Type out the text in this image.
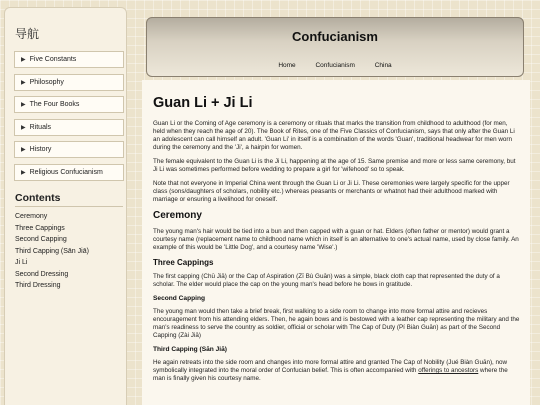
导航
▶ Five Constants
▶ Philosophy
▶ The Four Books
▶ Rituals
▶ History
▶ Religious Confucianism
Contents
Ceremony
Three Cappings
Second Capping
Third Capping (Sān Jiā)
Ji Li
Second Dressing
Third Dressing
Confucianism
Home	Confucianism	China
Guan Li + Ji Li

Guan Li or the Coming of Age ceremony is a ceremony or rituals that marks the transition from childhood to adulthood (for men, held when they reach the age of 20). The Book of Rites, one of the Five Classics of Confucianism, says that only after the Guan Li an adolescent can call himself an adult. 'Guan Li' in itself is a combination of the words 'Guan', traditional headwear for men worn during the ceremony and the 'Ji', a hairpin for women.

The female equivalent to the Guan Li is the Ji Li, happening at the age of 15. Same premise and more or less same ceremony, but Ji Li was sometimes performed before wedding to prepare a girl for 'wifehood' so to speak.

Note that not everyone in Imperial China went through the Guan Li or Ji Li. These ceremonies were largely specific for the upper class (sons/daughters of scholars, nobility etc.) whereas peasants or merchants or whatnot had their adulthood marked with marriage or ensuring a livelihood for oneself.

Ceremony

The young man's hair would be tied into a bun and then capped with a guan or hat. Elders (often father or mentor) would grant a courtesy name (replacement name to childhood name which in itself is an alternative to one's actual name, used by close family. An example of this would be 'Little Dog', and a courtesy name 'Wise'.)

Three Cappings

The first capping (Chū Jiā) or the Cap of Aspiration (Zī Bù Guān) was a simple, black cloth cap that represented the duty of a scholar. The elder would place the cap on the young man's head before he bows in gratitude.

Second Capping

The young man would then take a brief break, first walking to a side room to change into more formal attire and recieves encouragement from his attending elders. Then, he again bows and is bestowed with a leather cap representing the military and the man's readiness to serve the country as soldier, official or scholar with The Cap of Duty (Pí Biàn Guān) as part of the Second Capping (Zài Jiā)

Third Capping (Sān Jiā)

He again retreats into the side room and changes into more formal attire and granted The Cap of Nobility (Jué Biàn Guān), now symbolically integrated into the moral order of Confucian belief. This is often accompanied with offerings to ancestors where the man is finally given his courtesy name.
